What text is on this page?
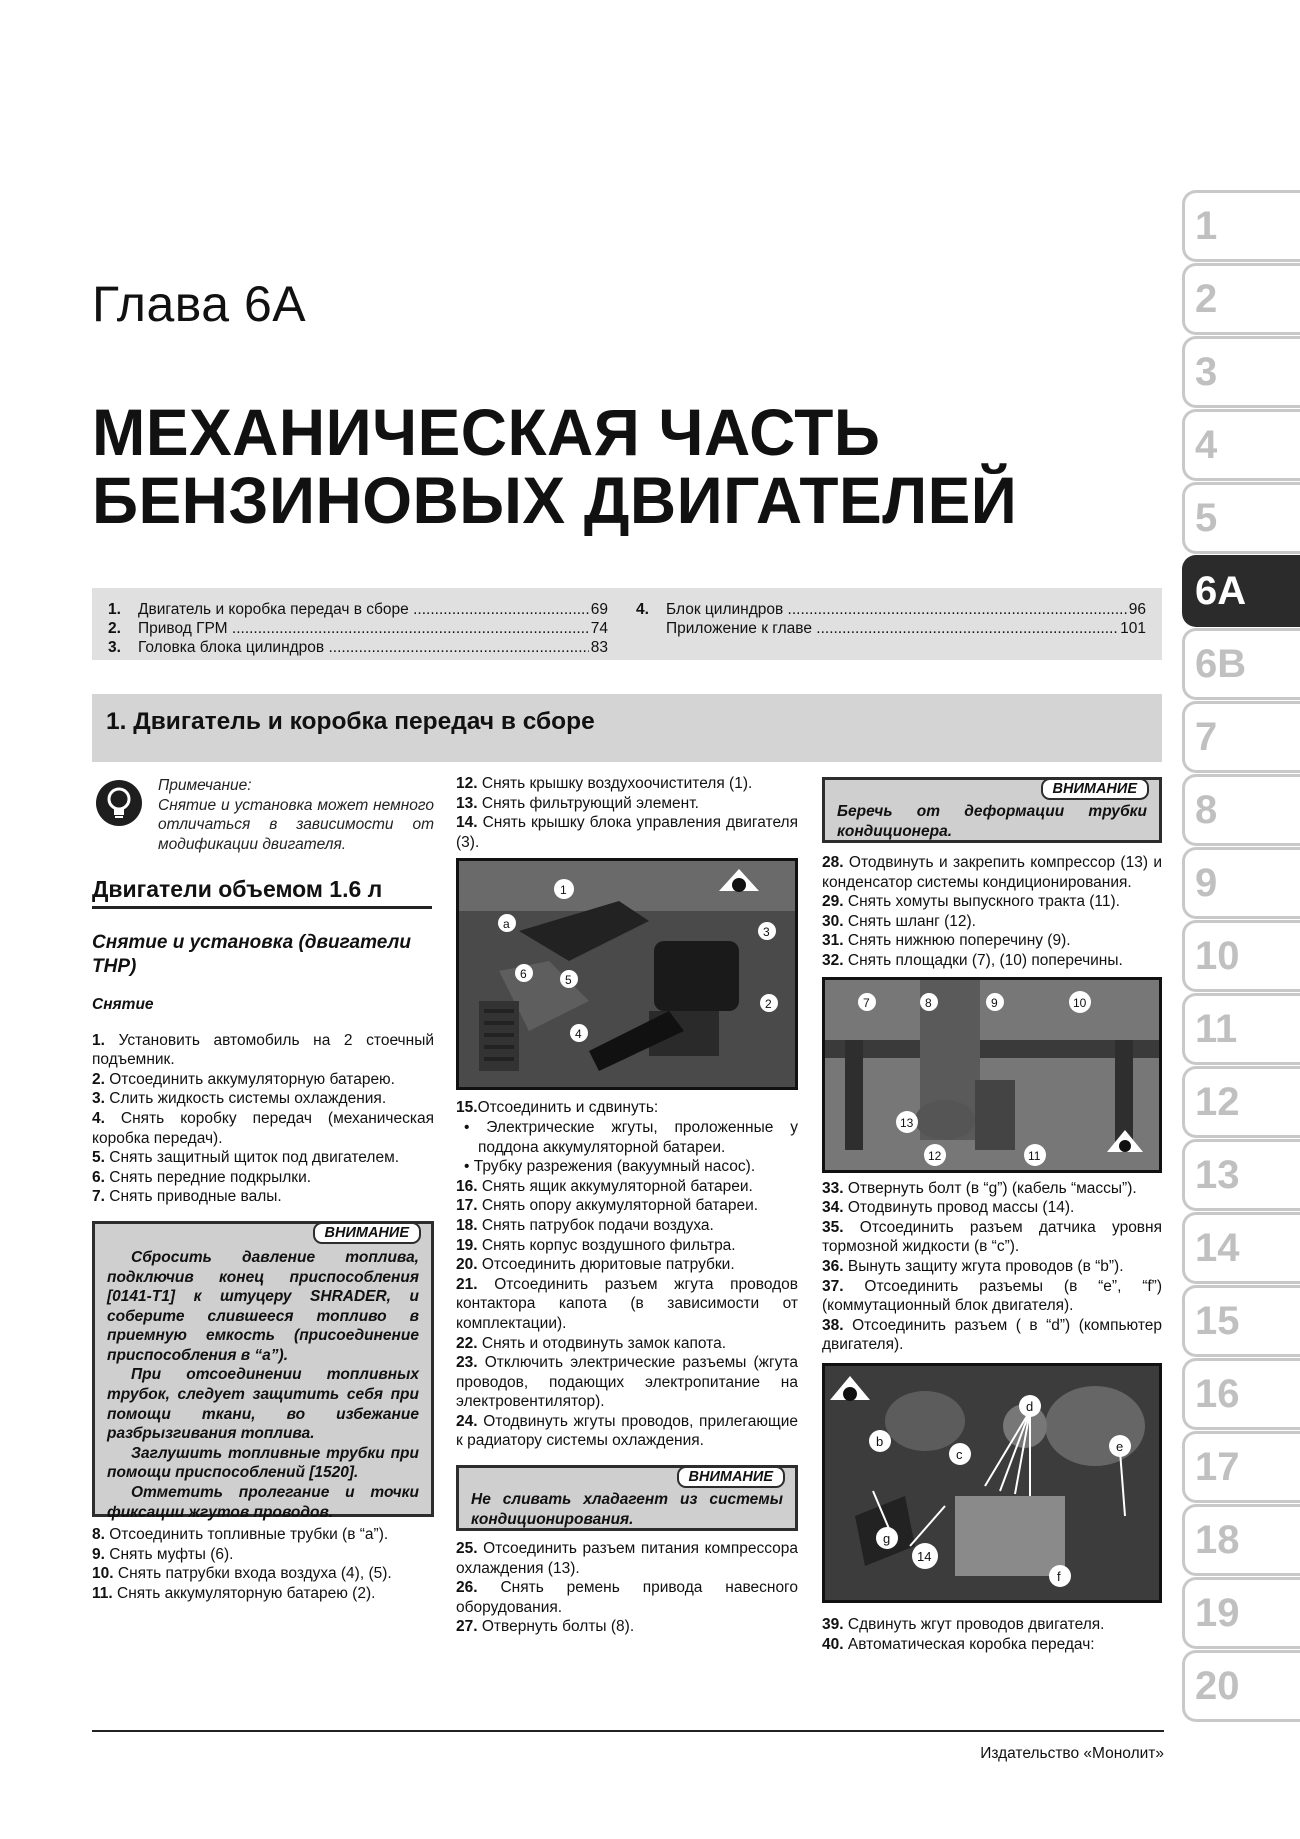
Глава 6А
МЕХАНИЧЕСКАЯ ЧАСТЬ
БЕНЗИНОВЫХ ДВИГАТЕЛЕЙ
1
2
3
4
5
6A
6B
7
8
9
10
11
12
13
14
15
16
17
18
19
20
1.	Двигатель и коробка передач в сборе .....	69
2.	Привод ГРМ .....	74
3.	Головка блока цилиндров .....	83
4.	Блок цилиндров .....	96
Приложение к главе .....	101
1. Двигатель и коробка передач в сборе

Примечание:

Снятие и установка может немного отличаться в зависимости от модификации двигателя.

Двигатели объемом 1.6 л
Снятие и установка (двигатели THP)
Снятие

1. Установить автомобиль на 2 стоечный подъемник.

2. Отсоединить аккумуляторную батарею.

3. Слить жидкость системы охлаждения.

4. Снять коробку передач (механическая коробка передач).

5. Снять защитный щиток под двигателем.

6. Снять передние подкрылки.

7. Снять приводные валы.

ВНИМАНИЕ

Сбросить давление топлива, подключив конец приспособления [0141-T1] к штуцеру SHRADER, и соберите слившееся топливо в приемную емкость (присоединение приспособления в “a”).

При отсоединении топливных трубок, следует защитить себя при помощи ткани, во избежание разбрызгивания топлива.

Заглушить топливные трубки при помощи приспособлений [1520].

Отметить пролегание и точки фиксации жгутов проводов.

8. Отсоединить топливные трубки (в “a”).

9. Снять муфты (6).

10. Снять патрубки входа воздуха (4), (5).

11. Снять аккумуляторную батарею (2).

12. Снять крышку воздухоочистителя (1).

13. Снять фильтрующий элемент.

14. Снять крышку блока управления двигателя (3).

1
a
6	5
4
3
2

15.Отсоединить и сдвинуть:

• Электрические жгуты, проложенные у поддона аккумуляторной батареи.

• Трубку разрежения (вакуумный насос).

16. Снять ящик аккумуляторной батареи.

17. Снять опору аккумуляторной батареи.

18. Снять патрубок подачи воздуха.

19. Снять корпус воздушного фильтра.

20. Отсоединить дюритовые патрубки.

21. Отсоединить разъем жгута проводов контактора капота (в зависимости от комплектации).

22. Снять и отодвинуть замок капота.

23. Отключить электрические разъемы (жгута проводов, подающих электропитание на электровентилятор).

24. Отодвинуть жгуты проводов, прилегающие к радиатору системы охлаждения.

ВНИМАНИЕ

Не сливать хладагент из системы кондиционирования.

25. Отсоединить разъем питания компрессора охлаждения (13).

26. Снять ремень привода навесного оборудования.

27. Отвернуть болты (8).

ВНИМАНИЕ

Беречь от деформации трубки кондиционера.

28. Отодвинуть и закрепить компрессор (13) и конденсатор системы кондиционирования.

29. Снять хомуты выпускного тракта (11).

30. Снять шланг (12).

31. Снять нижнюю поперечину (9).

32. Снять площадки (7), (10) поперечины.

7	8	9	10
13
11
12

33. Отвернуть болт (в “g”) (кабель “массы”).

34. Отодвинуть провод массы (14).

35. Отсоединить разъем датчика уровня тормозной жидкости (в “c”).

36. Вынуть защиту жгута проводов (в “b”).

37. Отсоединить разъемы (в “e”, “f”) (коммутационный блок двигателя).

38. Отсоединить разъем ( в “d”) (компьютер двигателя).

b
c
d
e
f
g
14

39. Сдвинуть жгут проводов двигателя.

40. Автоматическая коробка передач:

Издательство «Монолит»
